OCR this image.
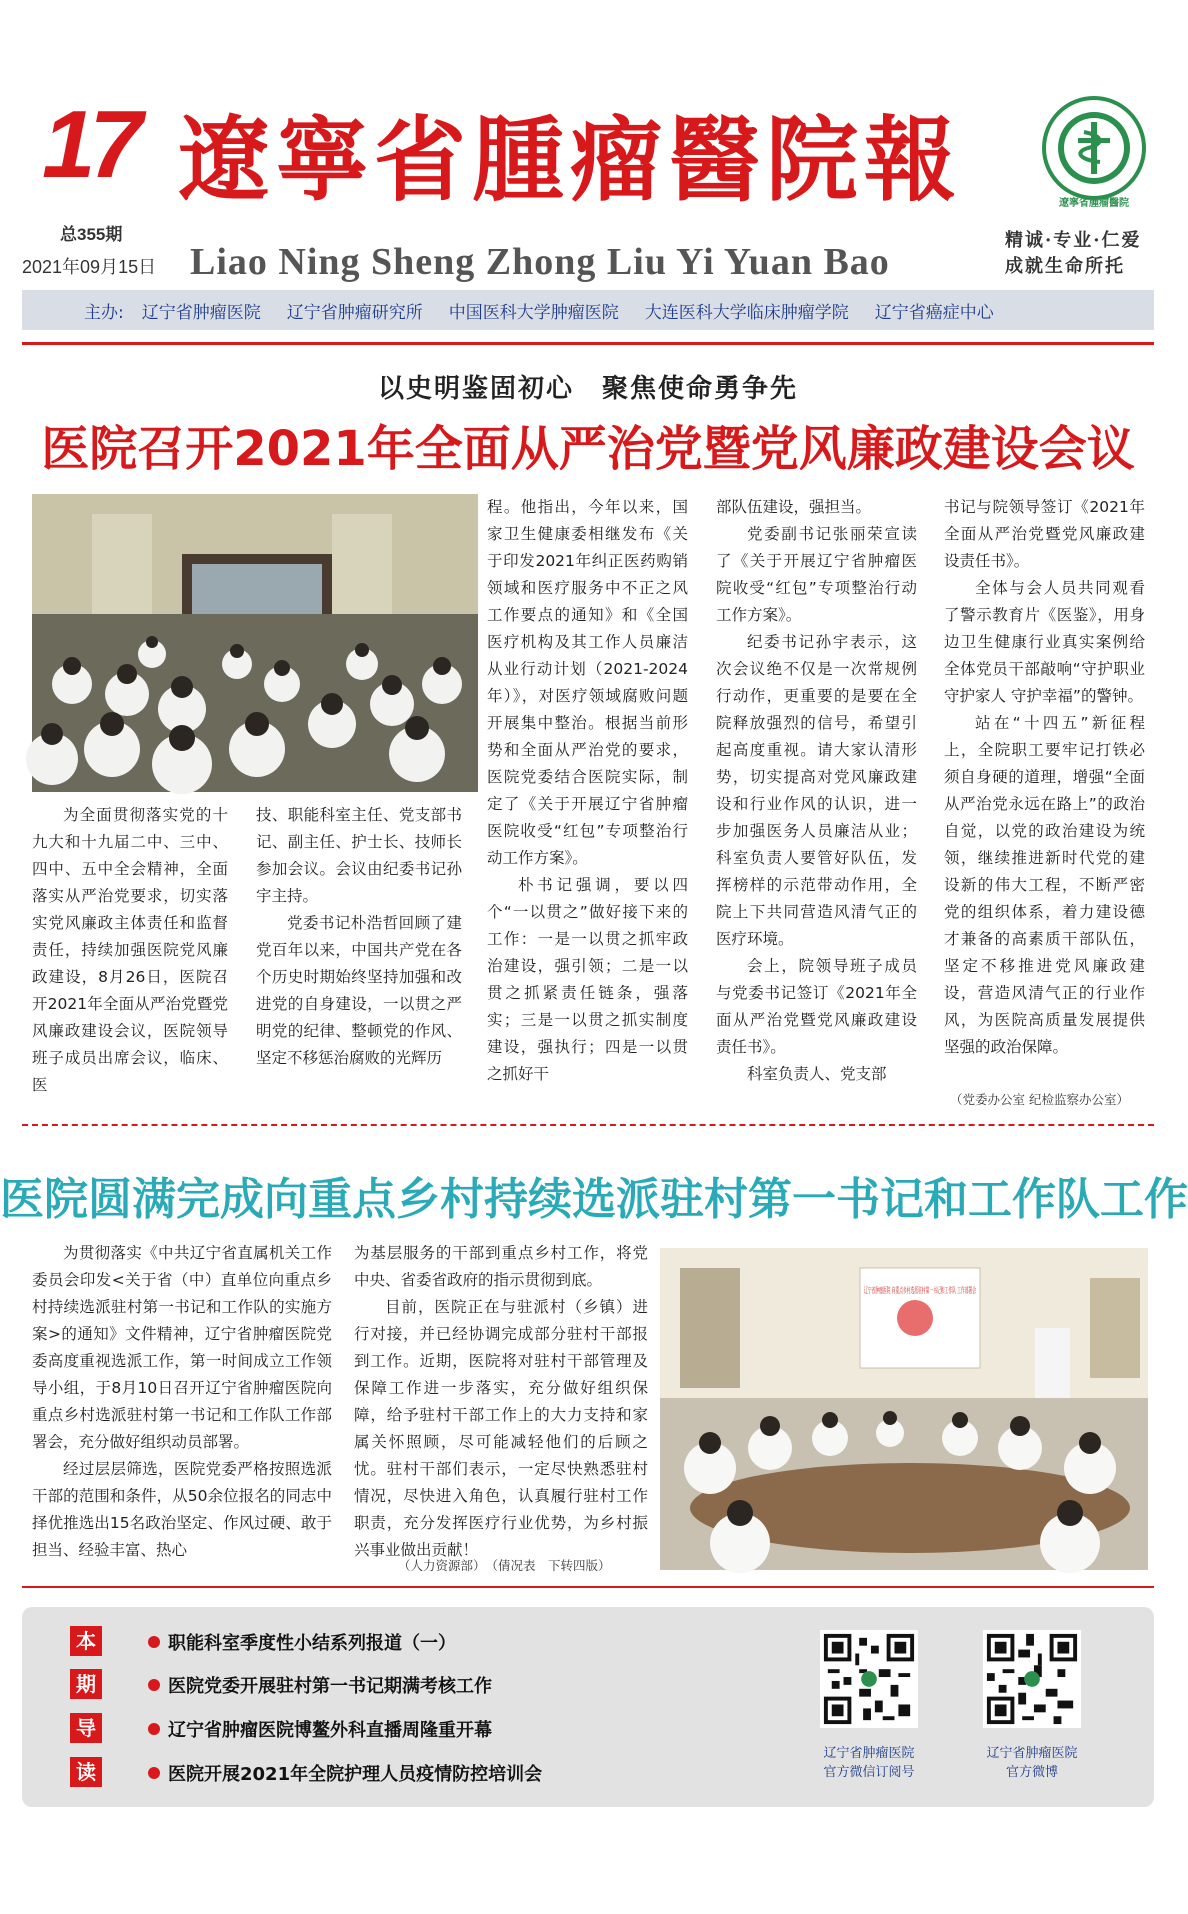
17 遼寧省腫瘤醫院報	遼寧省腫瘤醫院
总355期
2021年09月15日 Liao Ning Sheng Zhong Liu Yi Yuan Bao
精诚·专业·仁爱
成就生命所托
主办: 辽宁省肿瘤医院 辽宁省肿瘤研究所 中国医科大学肿瘤医院 大连医科大学临床肿瘤学院 辽宁省癌症中心
以史明鉴固初心　聚焦使命勇争先
医院召开2021年全面从严治党暨党风廉政建设会议

为全面贯彻落实党的十九大和十九届二中、三中、四中、五中全会精神，全面落实从严治党要求，切实落实党风廉政主体责任和监督责任，持续加强医院党风廉政建设，8月26日，医院召开2021年全面从严治党暨党风廉政建设会议，医院领导班子成员出席会议，临床、医

技、职能科室主任、党支部书记、副主任、护士长、技师长参加会议。会议由纪委书记孙宇主持。

党委书记朴浩哲回顾了建党百年以来，中国共产党在各个历史时期始终坚持加强和改进党的自身建设，一以贯之严明党的纪律、整顿党的作风、坚定不移惩治腐败的光辉历

程。他指出，今年以来，国家卫生健康委相继发布《关于印发2021年纠正医药购销领域和医疗服务中不正之风工作要点的通知》和《全国医疗机构及其工作人员廉洁从业行动计划（2021-2024年）》，对医疗领域腐败问题开展集中整治。根据当前形势和全面从严治党的要求，医院党委结合医院实际，制定了《关于开展辽宁省肿瘤医院收受“红包”专项整治行动工作方案》。

朴书记强调，要以四个“一以贯之”做好接下来的工作：一是一以贯之抓牢政治建设，强引领；二是一以贯之抓紧责任链条，强落实；三是一以贯之抓实制度建设，强执行；四是一以贯之抓好干

部队伍建设，强担当。

党委副书记张丽荣宣读了《关于开展辽宁省肿瘤医院收受“红包”专项整治行动工作方案》。

纪委书记孙宇表示，这次会议绝不仅是一次常规例行动作，更重要的是要在全院释放强烈的信号，希望引起高度重视。请大家认清形势，切实提高对党风廉政建设和行业作风的认识，进一步加强医务人员廉洁从业；科室负责人要管好队伍，发挥榜样的示范带动作用，全院上下共同营造风清气正的医疗环境。

会上，院领导班子成员与党委书记签订《2021年全面从严治党暨党风廉政建设责任书》。

科室负责人、党支部

书记与院领导签订《2021年全面从严治党暨党风廉政建设责任书》。

全体与会人员共同观看了警示教育片《医鉴》，用身边卫生健康行业真实案例给全体党员干部敲响“守护职业 守护家人 守护幸福”的警钟。

站在“十四五”新征程上，全院职工要牢记打铁必须自身硬的道理，增强“全面从严治党永远在路上”的政治自觉，以党的政治建设为统领，继续推进新时代党的建设新的伟大工程，不断严密党的组织体系，着力建设德才兼备的高素质干部队伍，坚定不移推进党风廉政建设，营造风清气正的行业作风，为医院高质量发展提供坚强的政治保障。

（党委办公室 纪检监察办公室）
医院圆满完成向重点乡村持续选派驻村第一书记和工作队工作

为贯彻落实《中共辽宁省直属机关工作委员会印发<关于省（中）直单位向重点乡村持续选派驻村第一书记和工作队的实施方案>的通知》文件精神，辽宁省肿瘤医院党委高度重视选派工作，第一时间成立工作领导小组，于8月10日召开辽宁省肿瘤医院向重点乡村选派驻村第一书记和工作队工作部署会，充分做好组织动员部署。

经过层层筛选，医院党委严格按照选派干部的范围和条件，从50余位报名的同志中择优推选出15名政治坚定、作风过硬、敢于担当、经验丰富、热心

为基层服务的干部到重点乡村工作，将党中央、省委省政府的指示贯彻到底。

目前，医院正在与驻派村（乡镇）进行对接，并已经协调完成部分驻村干部报到工作。近期，医院将对驻村干部管理及保障工作进一步落实，充分做好组织保障，给予驻村干部工作上的大力支持和家属关怀照顾，尽可能减轻他们的后顾之忧。驻村干部们表示，一定尽快熟悉驻村情况，尽快进入角色，认真履行驻村工作职责，充分发挥医疗行业优势，为乡村振兴事业做出贡献！

（人力资源部）　（倩况表　下转四版）
本
期
导
读
职能科室季度性小结系列报道（一）
医院党委开展驻村第一书记期满考核工作
辽宁省肿瘤医院博鳌外科直播周隆重开幕
医院开展2021年全院护理人员疫情防控培训会
辽宁省肿瘤医院
官方微信订阅号
辽宁省肿瘤医院
官方微博
